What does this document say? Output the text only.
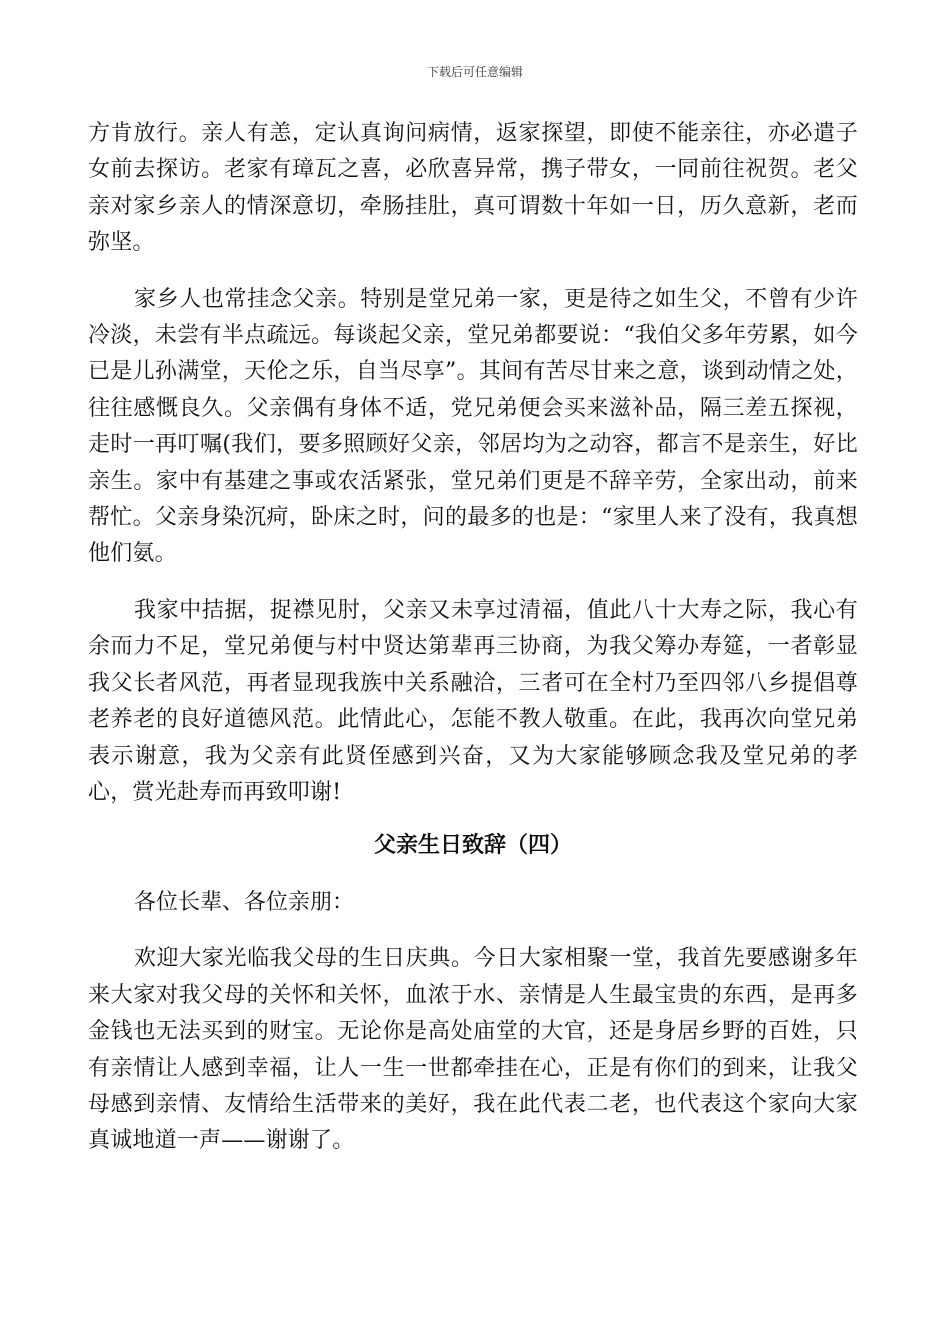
下载后可任意编辑

方肯放行。亲人有恙，定认真询问病情，返家探望，即使不能亲往，亦必遣子女前去探访。老家有璋瓦之喜，必欣喜异常，携子带女，一同前往祝贺。老父亲对家乡亲人的情深意切，牵肠挂肚，真可谓数十年如一日，历久意新，老而弥坚。

家乡人也常挂念父亲。特别是堂兄弟一家，更是待之如生父，不曾有少许冷淡，未尝有半点疏远。每谈起父亲，堂兄弟都要说：“我伯父多年劳累，如今已是儿孙满堂，天伦之乐，自当尽享”。其间有苦尽甘来之意，谈到动情之处，往往感慨良久。父亲偶有身体不适，党兄弟便会买来滋补品，隔三差五探视，走时一再叮嘱(我们，要多照顾好父亲，邻居均为之动容，都言不是亲生，好比亲生。家中有基建之事或农活紧张，堂兄弟们更是不辞辛劳，全家出动，前来帮忙。父亲身染沉疴，卧床之时，问的最多的也是：“家里人来了没有，我真想他们氨。

我家中拮据，捉襟见肘，父亲又未享过清福，值此八十大寿之际，我心有余而力不足，堂兄弟便与村中贤达第辈再三协商，为我父筹办寿筵，一者彰显我父长者风范，再者显现我族中关系融洽，三者可在全村乃至四邻八乡提倡尊老养老的良好道德风范。此情此心，怎能不教人敬重。在此，我再次向堂兄弟表示谢意，我为父亲有此贤侄感到兴奋，又为大家能够顾念我及堂兄弟的孝心，赏光赴寿而再致叩谢!

父亲生日致辞（四）
各位长辈、各位亲朋：

欢迎大家光临我父母的生日庆典。今日大家相聚一堂，我首先要感谢多年来大家对我父母的关怀和关怀，血浓于水、亲情是人生最宝贵的东西，是再多金钱也无法买到的财宝。无论你是高处庙堂的大官，还是身居乡野的百姓，只有亲情让人感到幸福，让人一生一世都牵挂在心，正是有你们的到来，让我父母感到亲情、友情给生活带来的美好，我在此代表二老，也代表这个家向大家真诚地道一声——谢谢了。
